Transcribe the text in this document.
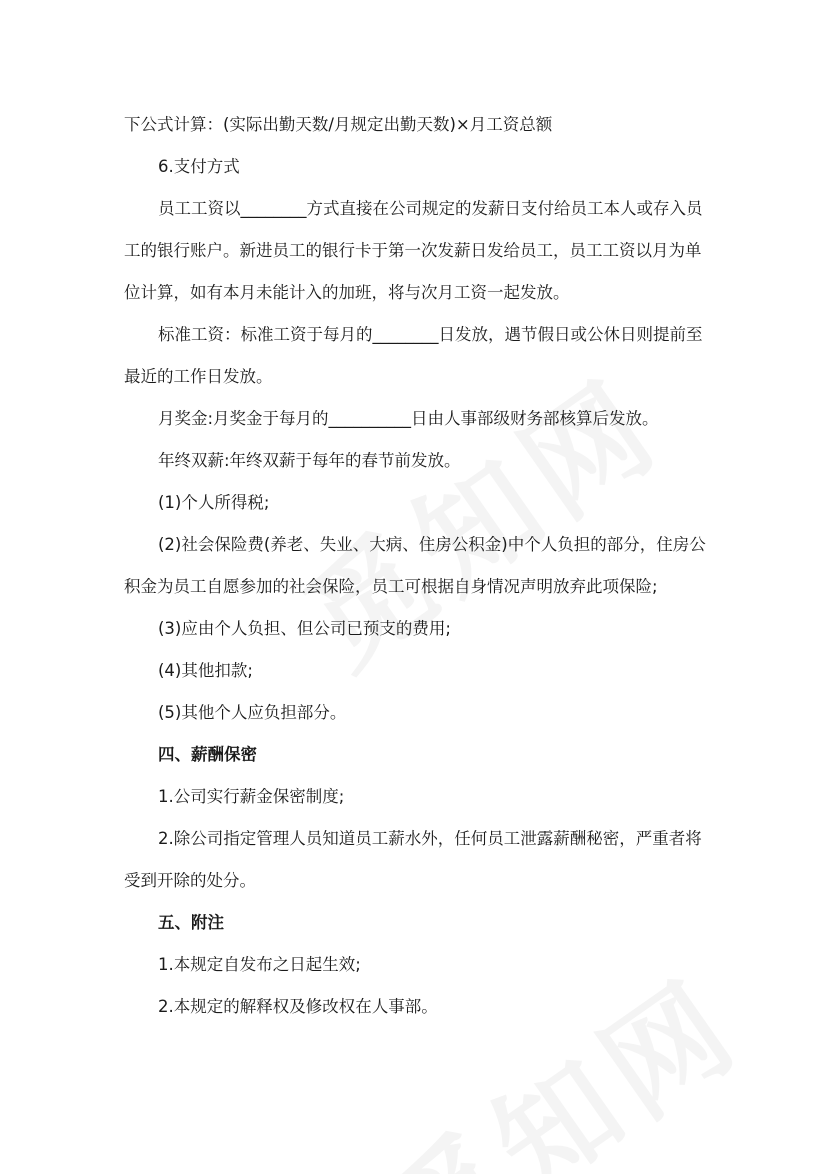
下公式计算：(实际出勤天数/月规定出勤天数)×月工资总额

6.支付方式

员工工资以________方式直接在公司规定的发薪日支付给员工本人或存入员工的银行账户。新进员工的银行卡于第一次发薪日发给员工，员工工资以月为单位计算，如有本月未能计入的加班，将与次月工资一起发放。

标准工资：标准工资于每月的________日发放，遇节假日或公休日则提前至最近的工作日发放。

月奖金:月奖金于每月的__________日由人事部级财务部核算后发放。

年终双薪:年终双薪于每年的春节前发放。

(1)个人所得税;

(2)社会保险费(养老、失业、大病、住房公积金)中个人负担的部分，住房公积金为员工自愿参加的社会保险，员工可根据自身情况声明放弃此项保险;

(3)应由个人负担、但公司已预支的费用;

(4)其他扣款;

(5)其他个人应负担部分。

四、薪酬保密

1.公司实行薪金保密制度;

2.除公司指定管理人员知道员工薪水外，任何员工泄露薪酬秘密，严重者将受到开除的处分。

五、附注

1.本规定自发布之日起生效;

2.本规定的解释权及修改权在人事部。
